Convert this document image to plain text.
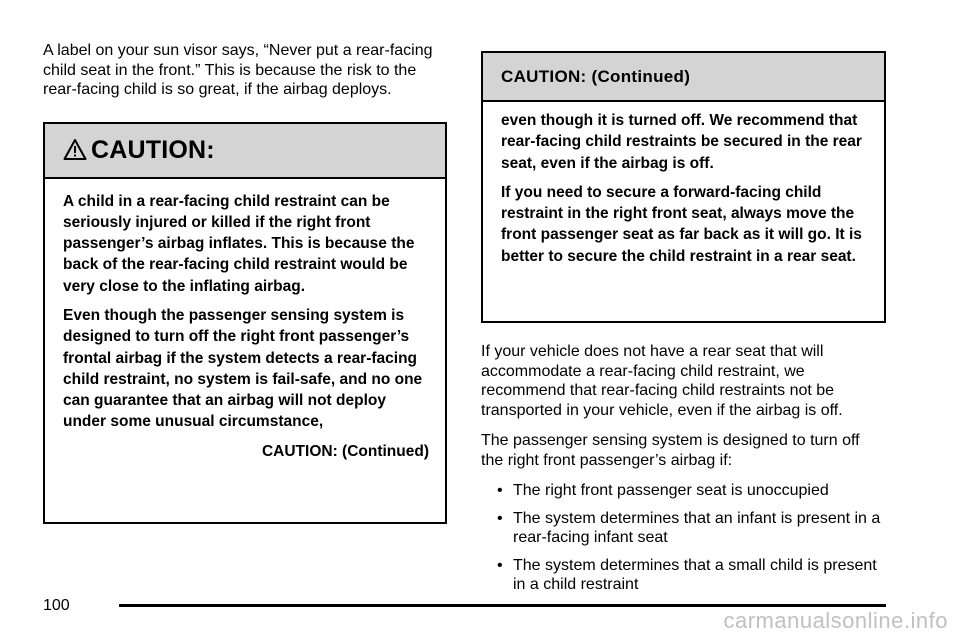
A label on your sun visor says, “Never put a rear-facing child seat in the front.” This is because the risk to the rear-facing child is so great, if the airbag deploys.

CAUTION:

A child in a rear-facing child restraint can be seriously injured or killed if the right front passenger’s airbag inflates. This is because the back of the rear-facing child restraint would be very close to the inflating airbag.

Even though the passenger sensing system is designed to turn off the right front passenger’s frontal airbag if the system detects a rear-facing child restraint, no system is fail-safe, and no one can guarantee that an airbag will not deploy under some unusual circumstance,

CAUTION: (Continued)

CAUTION: (Continued)

even though it is turned off. We recommend that rear-facing child restraints be secured in the rear seat, even if the airbag is off.

If you need to secure a forward-facing child restraint in the right front seat, always move the front passenger seat as far back as it will go. It is better to secure the child restraint in a rear seat.

If your vehicle does not have a rear seat that will accommodate a rear-facing child restraint, we recommend that rear-facing child restraints not be transported in your vehicle, even if the airbag is off.

The passenger sensing system is designed to turn off the right front passenger’s airbag if:

• The right front passenger seat is unoccupied
• The system determines that an infant is present in a rear-facing infant seat
• The system determines that a small child is present in a child restraint
100
carmanualsonline.info
